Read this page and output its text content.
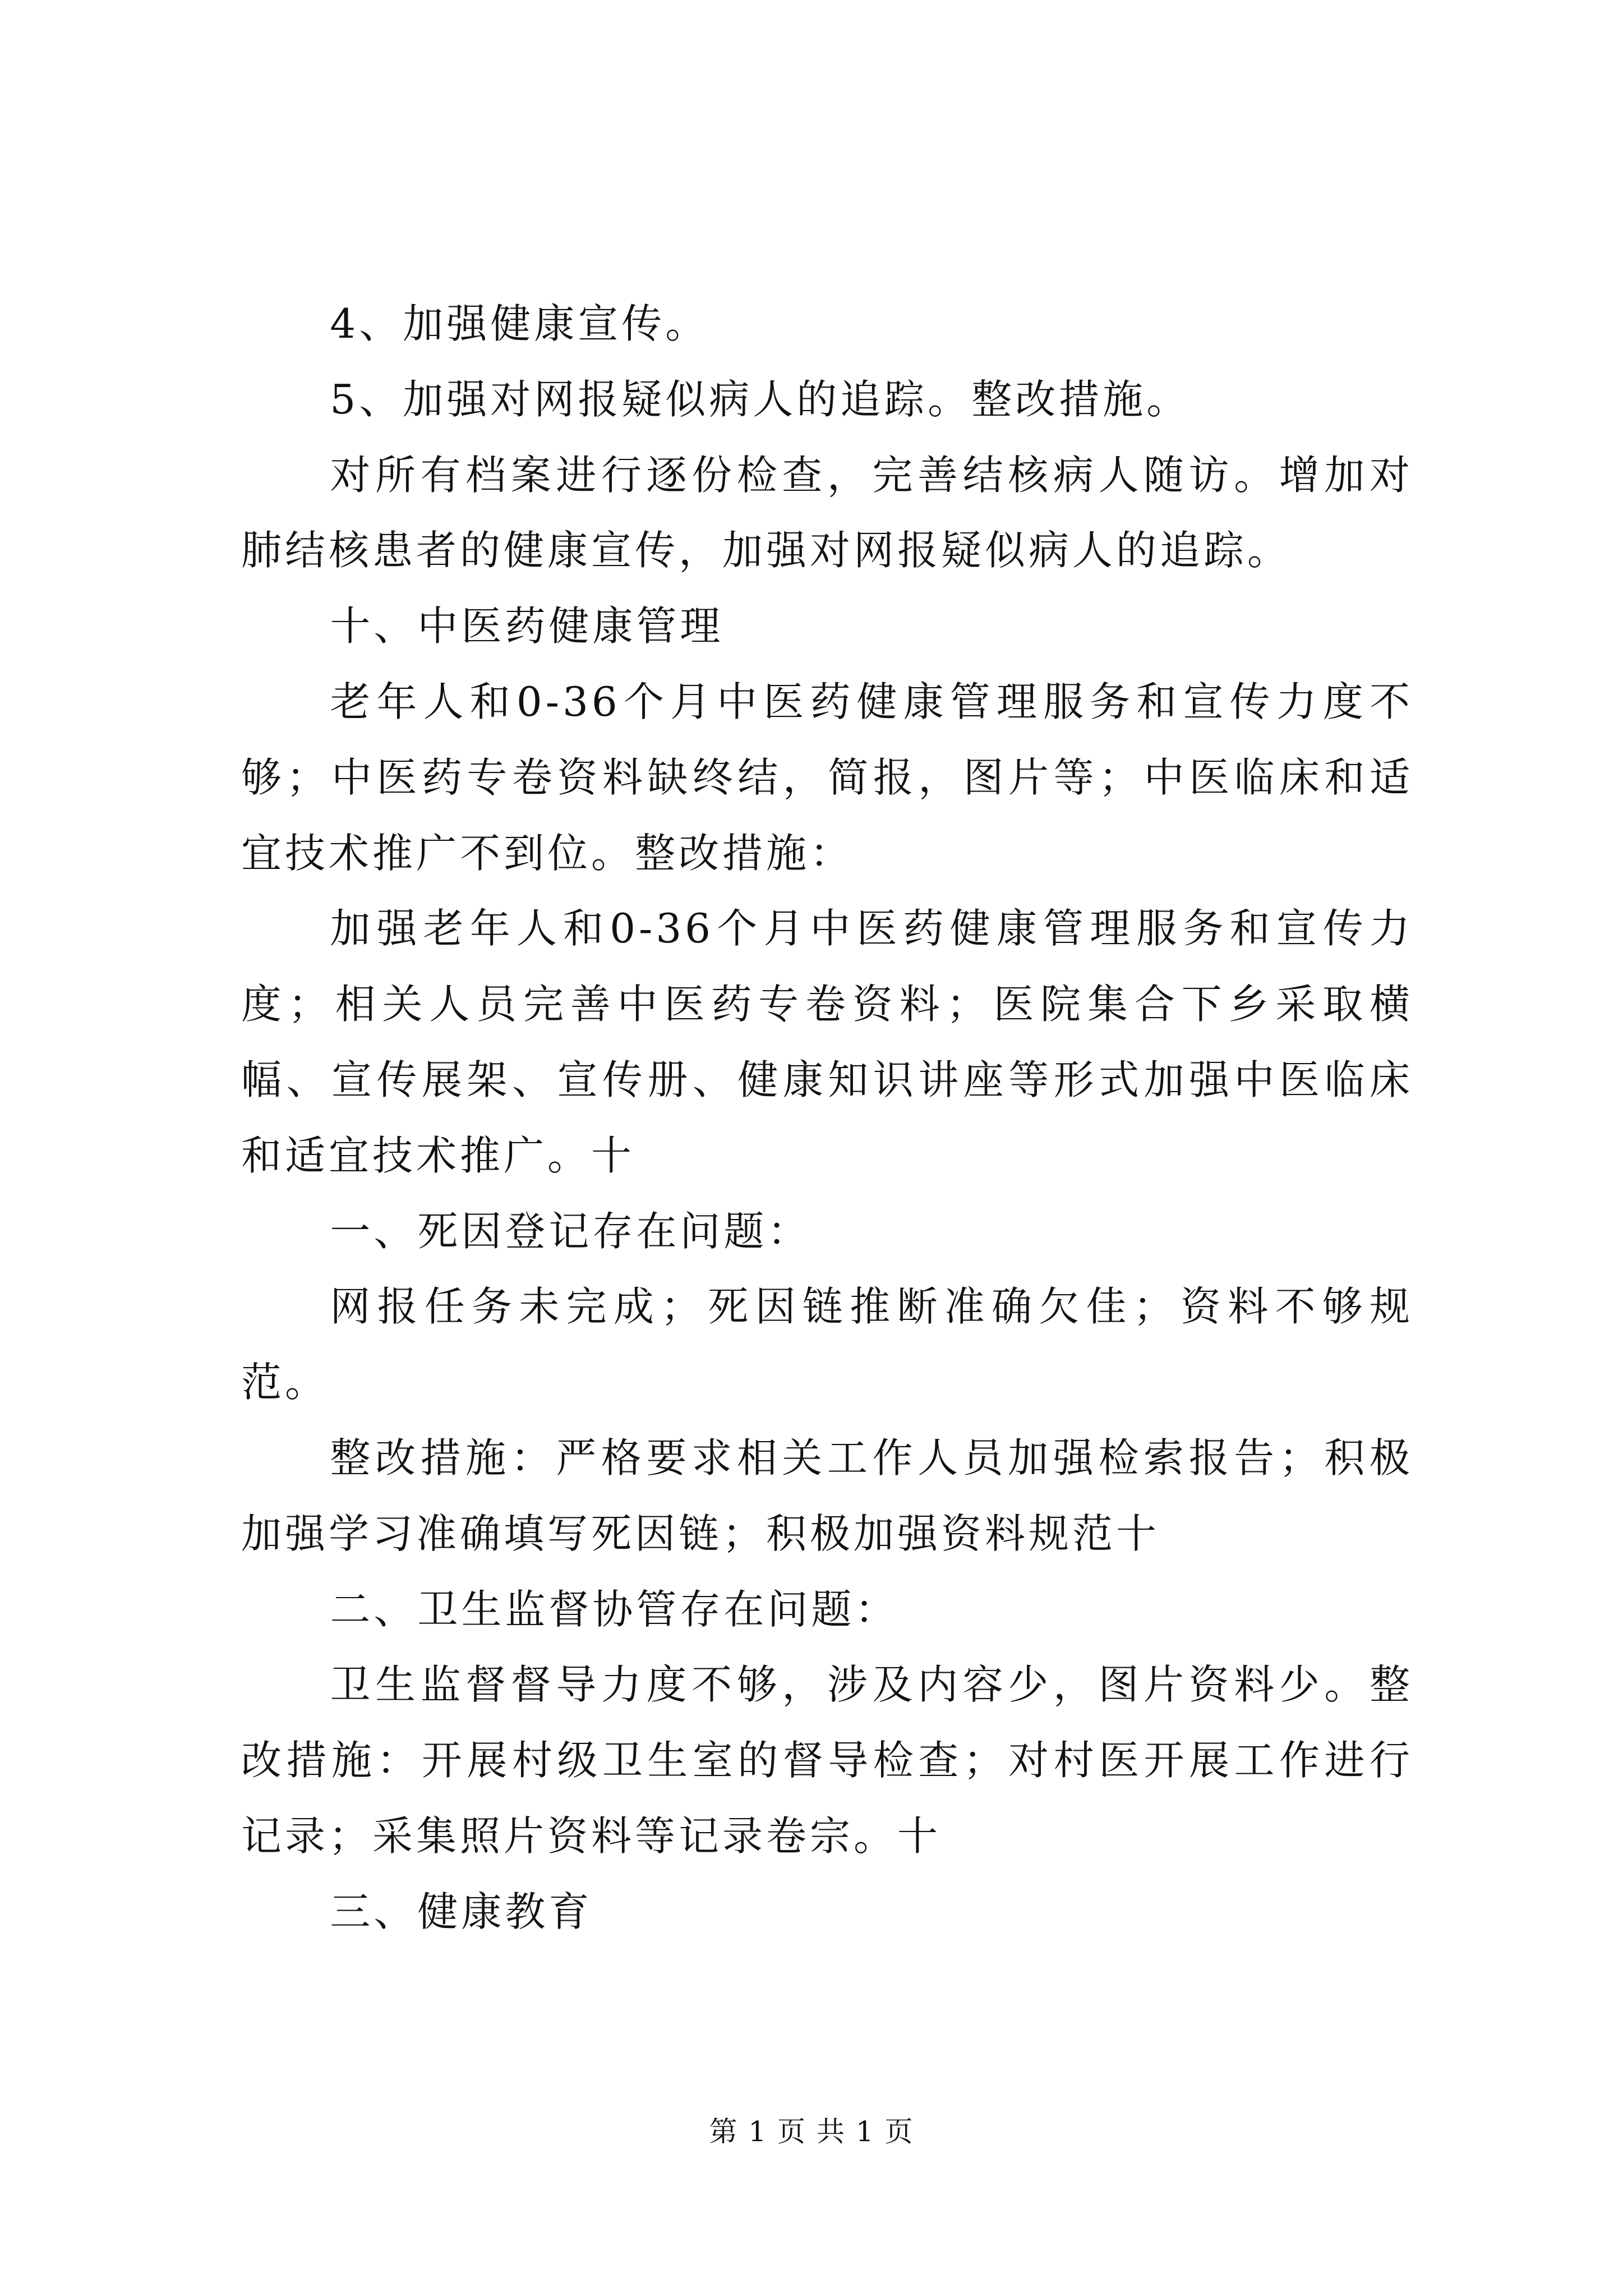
4、加强健康宣传。

5、加强对网报疑似病人的追踪。整改措施。

对所有档案进行逐份检查，完善结核病人随访。增加对肺结核患者的健康宣传，加强对网报疑似病人的追踪。

十、中医药健康管理

老年人和0-36个月中医药健康管理服务和宣传力度不够；中医药专卷资料缺终结，简报，图片等；中医临床和适宜技术推广不到位。整改措施：

加强老年人和0-36个月中医药健康管理服务和宣传力度；相关人员完善中医药专卷资料；医院集合下乡采取横幅、宣传展架、宣传册、健康知识讲座等形式加强中医临床和适宜技术推广。十

一、死因登记存在问题：

网报任务未完成；死因链推断准确欠佳；资料不够规范。

整改措施：严格要求相关工作人员加强检索报告；积极加强学习准确填写死因链；积极加强资料规范十

二、卫生监督协管存在问题：

卫生监督督导力度不够，涉及内容少，图片资料少。整改措施：开展村级卫生室的督导检查；对村医开展工作进行记录；采集照片资料等记录卷宗。十

三、健康教育

第 1 页 共 1 页
